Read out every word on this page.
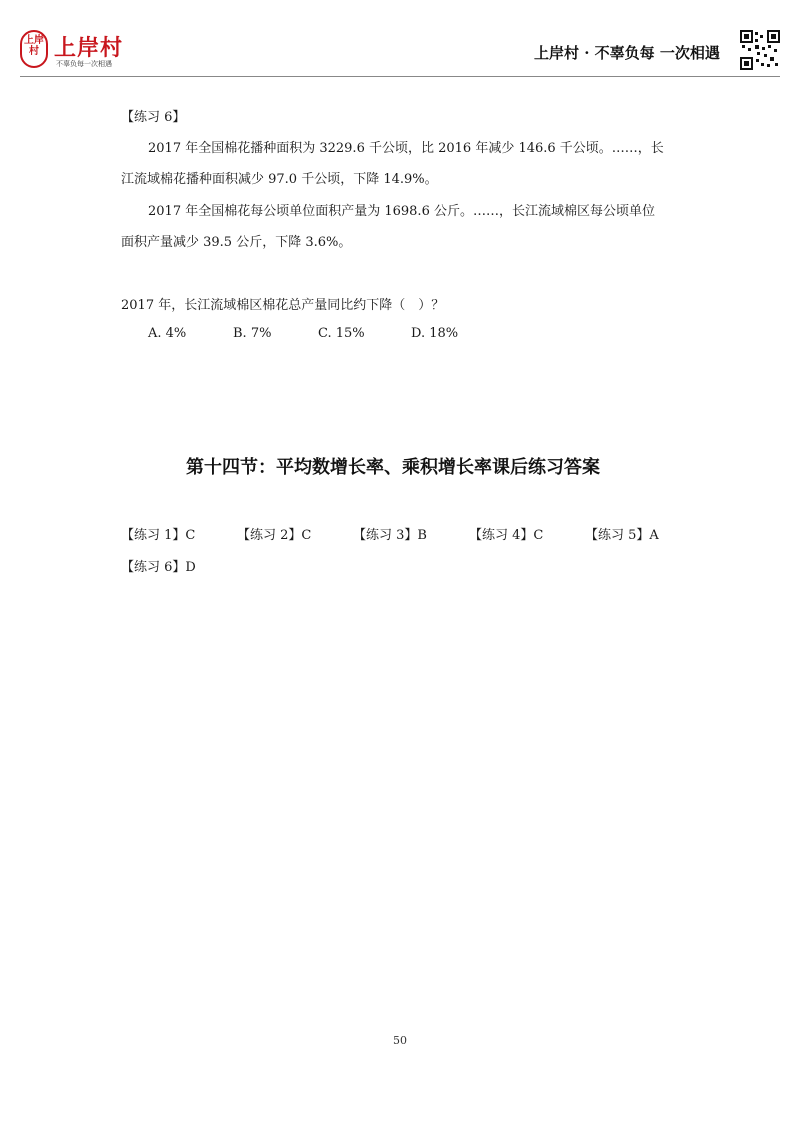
上岸村 上岸村
不辜负每一次相遇
上岸村 · 不辜负每 一次相遇
【练习 6】
2017 年全国棉花播种面积为 3229.6 千公顷，比 2016 年减少 146.6 千公顷。……，长
江流域棉花播种面积减少 97.0 千公顷，下降 14.9%。
2017 年全国棉花每公顷单位面积产量为 1698.6 公斤。……，长江流域棉区每公顷单位
面积产量减少 39.5 公斤，下降 3.6%。
2017 年，长江流域棉区棉花总产量同比约下降（　）？
A. 4%	B. 7%	C. 15%	D. 18%
第十四节：平均数增长率、乘积增长率课后练习答案
【练习 1】C	【练习 2】C	【练习 3】B	【练习 4】C	【练习 5】A
【练习 6】D
50
